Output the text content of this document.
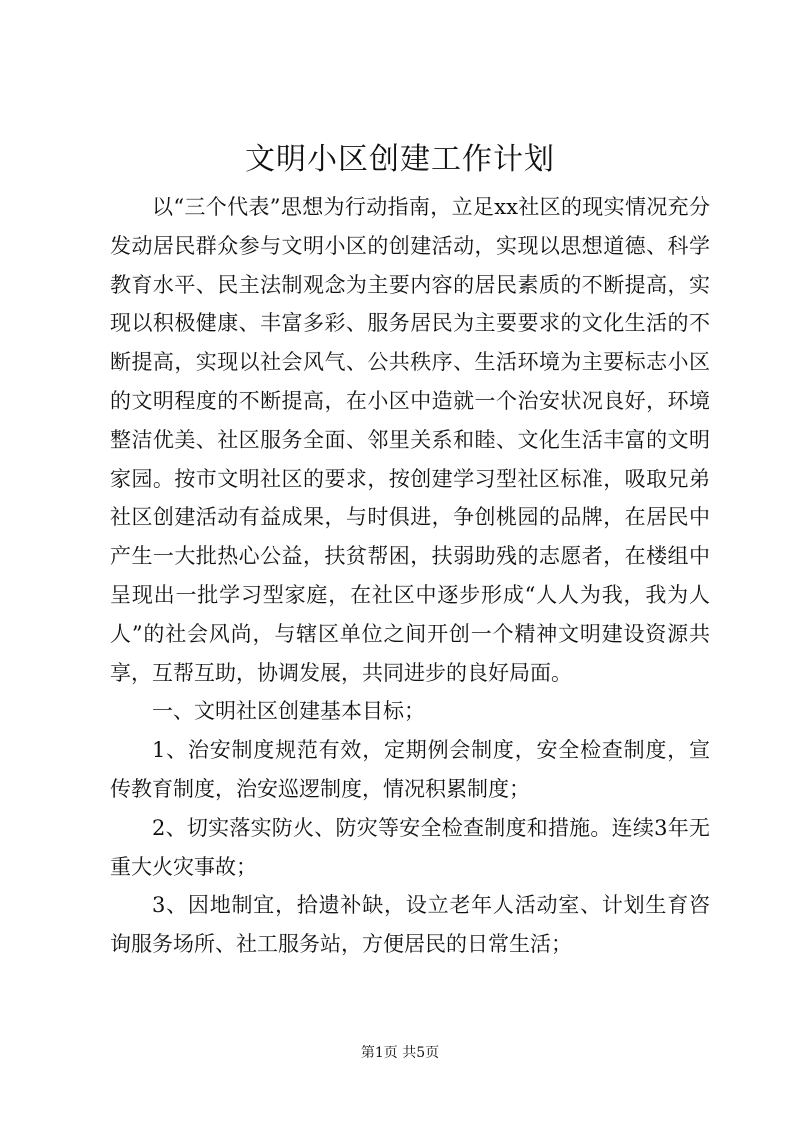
文明小区创建工作计划

以“三个代表”思想为行动指南，立足xx社区的现实情况充分发动居民群众参与文明小区的创建活动，实现以思想道德、科学教育水平、民主法制观念为主要内容的居民素质的不断提高，实现以积极健康、丰富多彩、服务居民为主要要求的文化生活的不断提高，实现以社会风气、公共秩序、生活环境为主要标志小区的文明程度的不断提高，在小区中造就一个治安状况良好，环境整洁优美、社区服务全面、邻里关系和睦、文化生活丰富的文明家园。按市文明社区的要求，按创建学习型社区标准，吸取兄弟社区创建活动有益成果，与时俱进，争创桃园的品牌，在居民中产生一大批热心公益，扶贫帮困，扶弱助残的志愿者，在楼组中呈现出一批学习型家庭，在社区中逐步形成“人人为我，我为人人”的社会风尚，与辖区单位之间开创一个精神文明建设资源共享，互帮互助，协调发展，共同进步的良好局面。

一、文明社区创建基本目标；

1、治安制度规范有效，定期例会制度，安全检查制度，宣传教育制度，治安巡逻制度，情况积累制度；

2、切实落实防火、防灾等安全检查制度和措施。连续3年无重大火灾事故；

3、因地制宜，拾遗补缺，设立老年人活动室、计划生育咨询服务场所、社工服务站，方便居民的日常生活；

第1页 共5页
